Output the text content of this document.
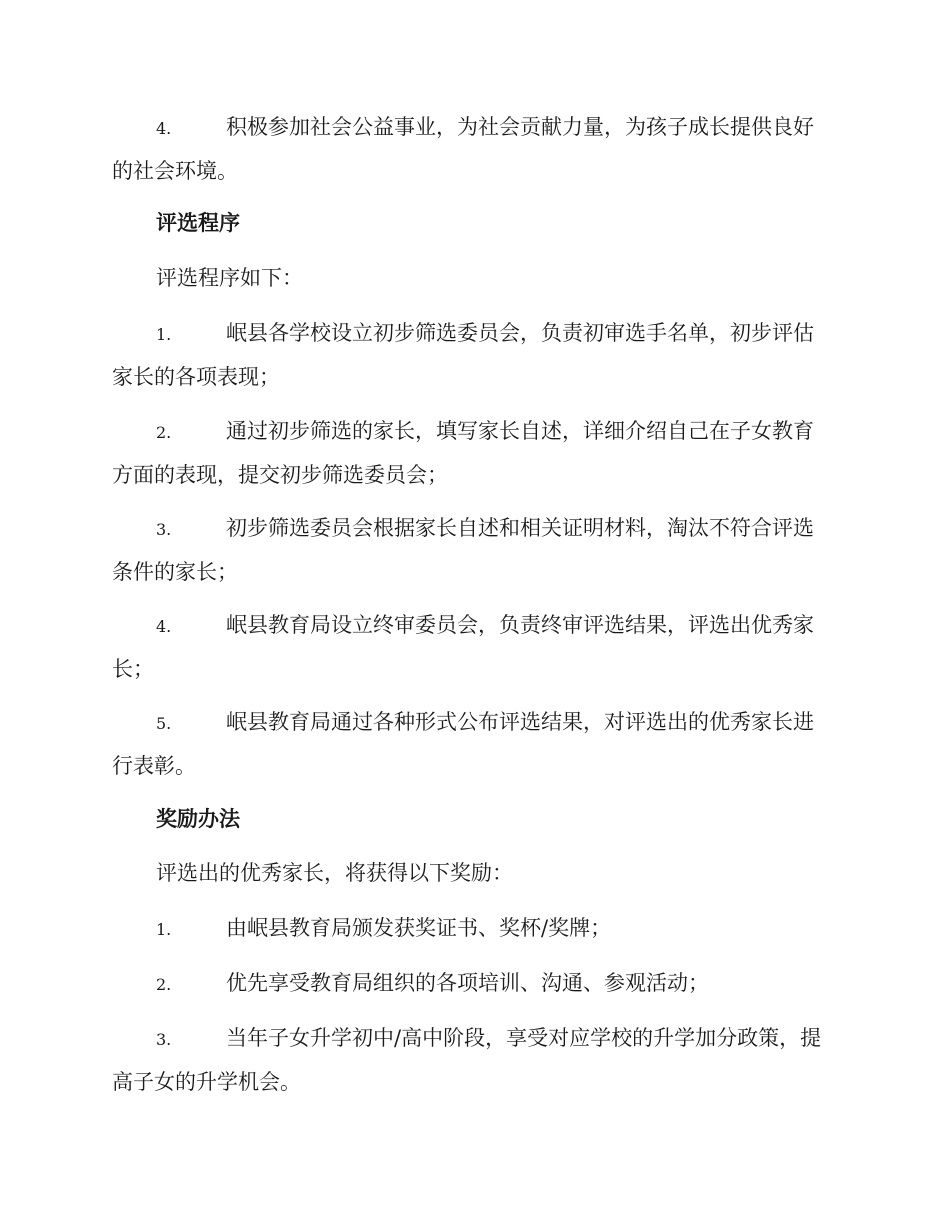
4.	积极参加社会公益事业，为社会贡献力量，为孩子成长提供良好的社会环境。

评选程序

评选程序如下：

1.	岷县各学校设立初步筛选委员会，负责初审选手名单，初步评估家长的各项表现；

2.	通过初步筛选的家长，填写家长自述，详细介绍自己在子女教育方面的表现，提交初步筛选委员会；

3.	初步筛选委员会根据家长自述和相关证明材料，淘汰不符合评选条件的家长；

4.	岷县教育局设立终审委员会，负责终审评选结果，评选出优秀家长；

5.	岷县教育局通过各种形式公布评选结果，对评选出的优秀家长进行表彰。

奖励办法

评选出的优秀家长，将获得以下奖励：

1.	由岷县教育局颁发获奖证书、奖杯/奖牌；

2.	优先享受教育局组织的各项培训、沟通、参观活动；

3.	当年子女升学初中/高中阶段，享受对应学校的升学加分政策，提高子女的升学机会。
